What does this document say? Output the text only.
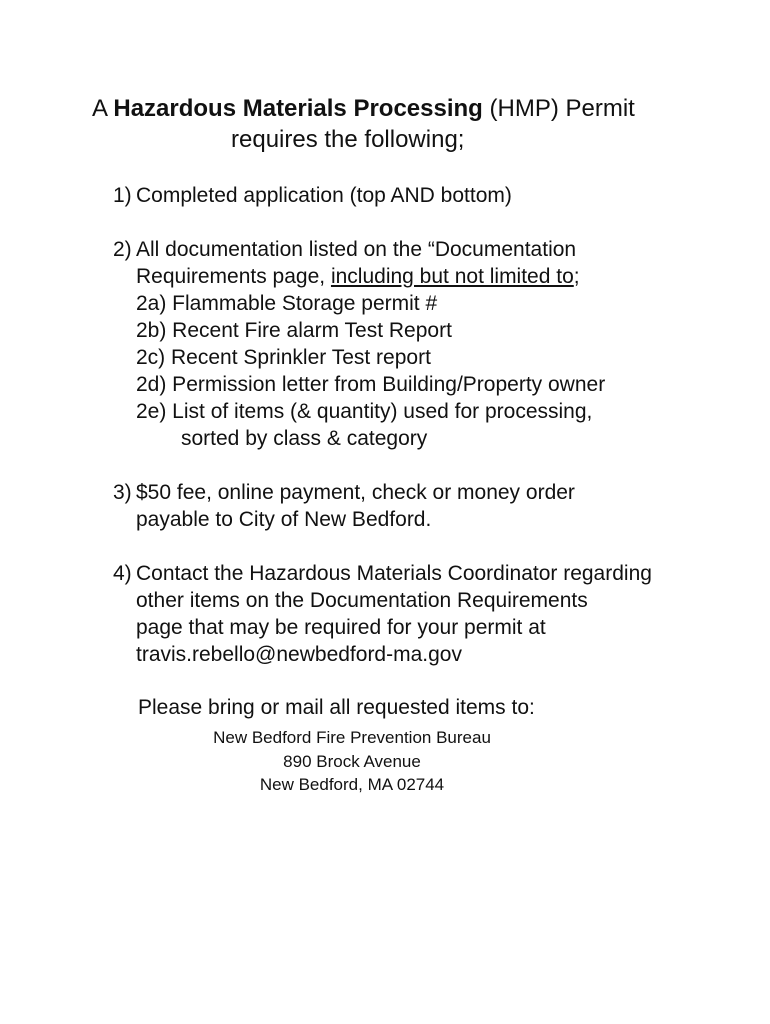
A Hazardous Materials Processing (HMP) Permit
requires the following;
1) Completed application (top AND bottom)
2) All documentation listed on the “Documentation
Requirements page, including but not limited to;
2a) Flammable Storage permit #
2b) Recent Fire alarm Test Report
2c) Recent Sprinkler Test report
2d) Permission letter from Building/Property owner
2e) List of items (& quantity) used for processing,
sorted by class & category
3) $50 fee, online payment, check or money order
payable to City of New Bedford.
4) Contact the Hazardous Materials Coordinator regarding
other items on the Documentation Requirements
page that may be required for your permit at
travis.rebello@newbedford-ma.gov
Please bring or mail all requested items to:
New Bedford Fire Prevention Bureau
890 Brock Avenue
New Bedford, MA 02744
